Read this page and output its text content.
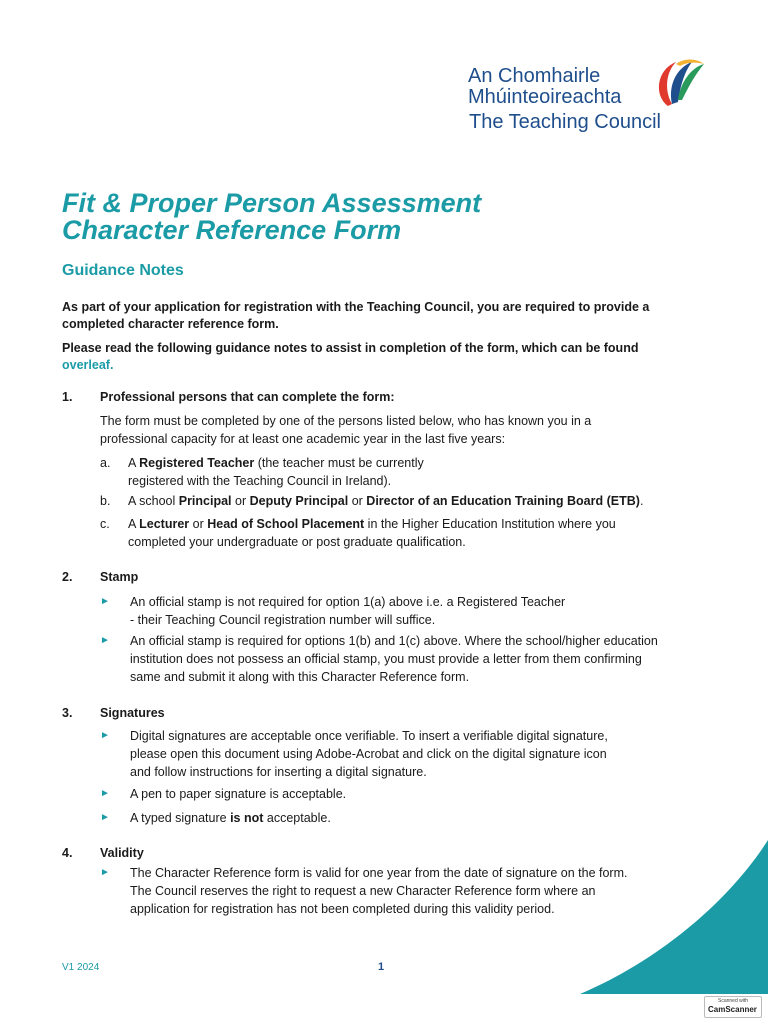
An Chomhairle
Mhúinteoireachta
The Teaching Council
Fit & Proper Person Assessment
Character Reference Form
Guidance Notes

As part of your application for registration with the Teaching Council, you are required to provide a completed character reference form.

Please read the following guidance notes to assist in completion of the form, which can be found overleaf.

1. Professional persons that can complete the form:

The form must be completed by one of the persons listed below, who has known you in a professional capacity for at least one academic year in the last five years:

a. A Registered Teacher (the teacher must be currently registered with the Teaching Council in Ireland).
b. A school Principal or Deputy Principal or Director of an Education Training Board (ETB).
c. A Lecturer or Head of School Placement in the Higher Education Institution where you completed your undergraduate or post graduate qualification.
2. Stamp
► An official stamp is not required for option 1(a) above i.e. a Registered Teacher - their Teaching Council registration number will suffice.
► An official stamp is required for options 1(b) and 1(c) above. Where the school/higher education institution does not possess an official stamp, you must provide a letter from them confirming same and submit it along with this Character Reference form.
3. Signatures
► Digital signatures are acceptable once verifiable. To insert a verifiable digital signature, please open this document using Adobe-Acrobat and click on the digital signature icon and follow instructions for inserting a digital signature.
► A pen to paper signature is acceptable.
► A typed signature is not acceptable.
4. Validity
► The Character Reference form is valid for one year from the date of signature on the form. The Council reserves the right to request a new Character Reference form where an application for registration has not been completed during this validity period.
V1 2024	1
Scanned with
CamScanner
